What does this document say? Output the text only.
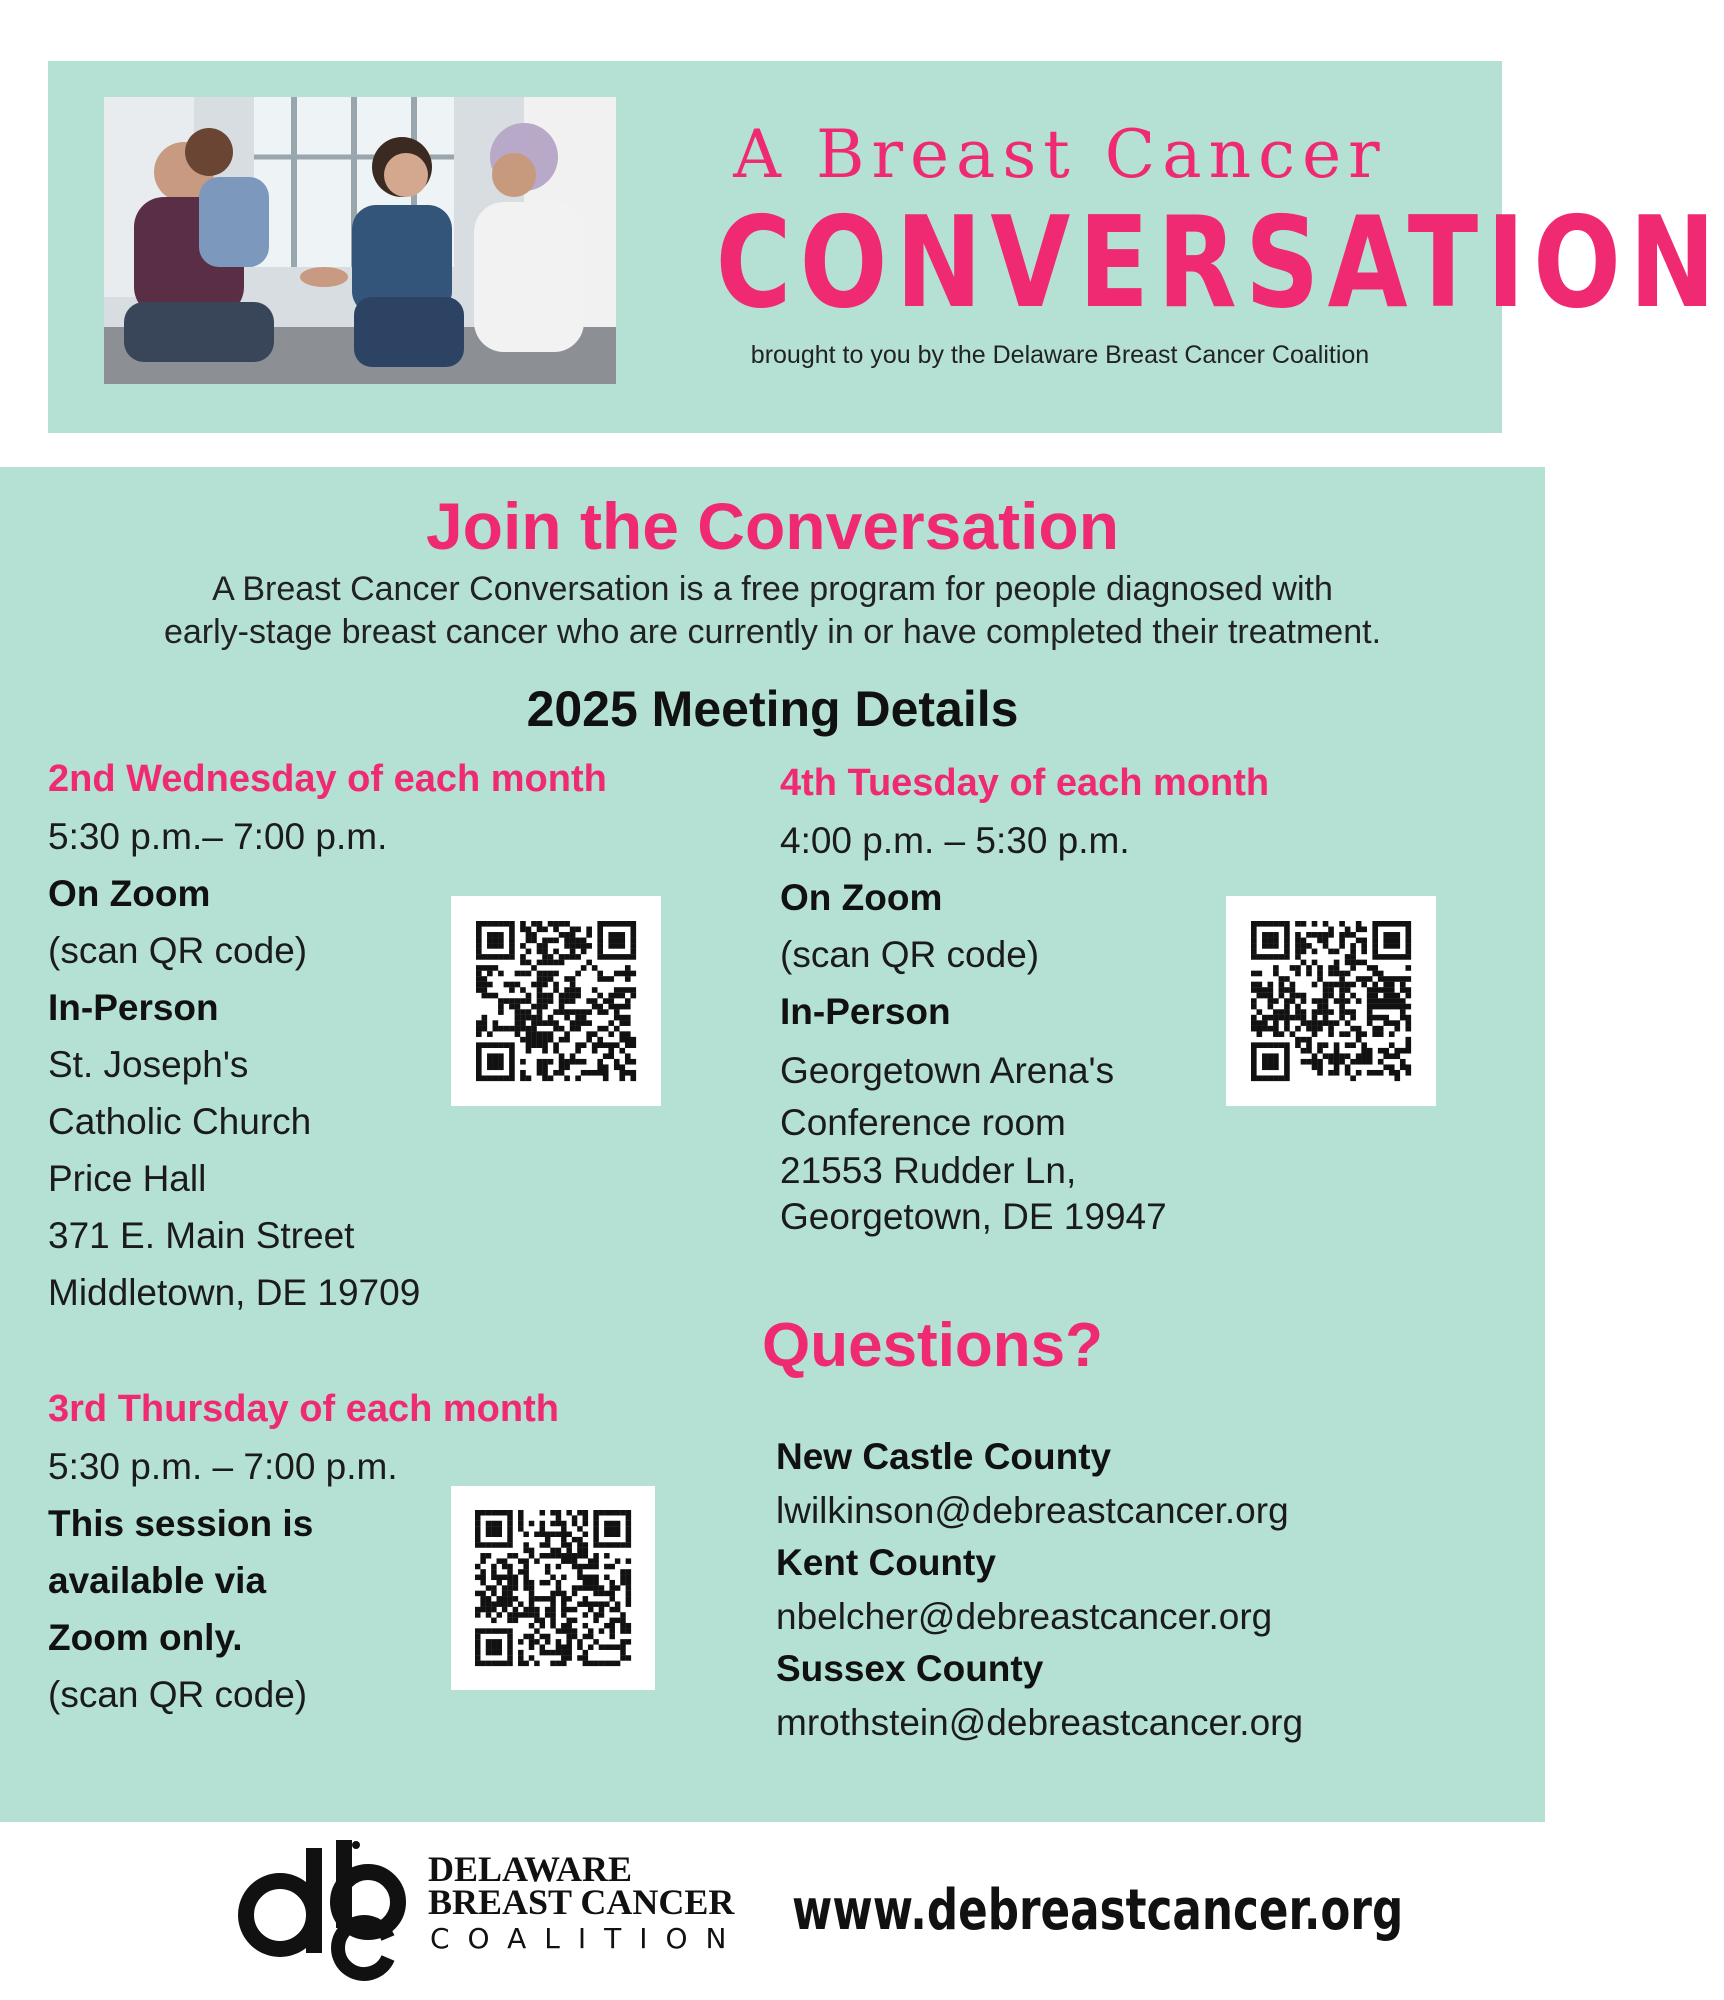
A Breast Cancer
CONVERSATION
brought to you by the Delaware Breast Cancer Coalition
Join the Conversation
A Breast Cancer Conversation is a free program for people diagnosed with
early-stage breast cancer who are currently in or have completed their treatment.
2025 Meeting Details
2nd Wednesday of each month
5:30 p.m.– 7:00 p.m.
On Zoom
(scan QR code)
In-Person
St. Joseph's
Catholic Church
Price Hall
371 E. Main Street
Middletown, DE 19709
4th Tuesday of each month
4:00 p.m. – 5:30 p.m.
On Zoom
(scan QR code)
In-Person
Georgetown Arena's
Conference room
21553 Rudder Ln,
Georgetown, DE 19947
3rd Thursday of each month
5:30 p.m. – 7:00 p.m.
This session is
available via
Zoom only.
(scan QR code)
Questions?
New Castle County
lwilkinson@debreastcancer.org
Kent County
nbelcher@debreastcancer.org
Sussex County
mrothstein@debreastcancer.org
DELAWARE
BREAST CANCER
COALITION www.debreastcancer.org
